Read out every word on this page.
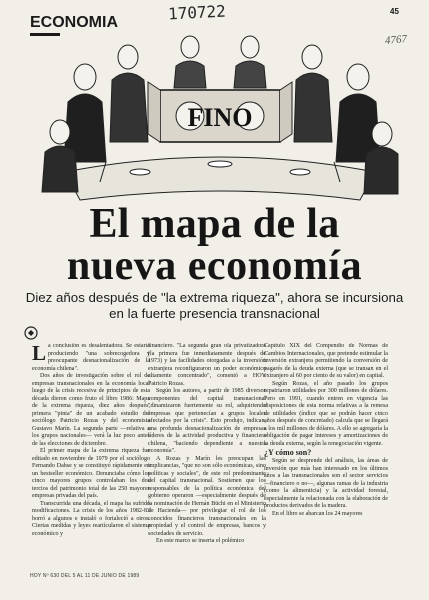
ECONOMIA	170722	45
4767
FINO
El mapa de la
nueva economía
Diez años después de "la extrema riqueza", ahora se incursiona en la fuerte presencia transnacional

La conclusión es desalentadora. Se estaría produciendo "una sobrecogedora y preocupante desnacionalización de la economía chilena".

Dos años de investigación sobre el rol de empresas transnacionales en la economía local luego de la crisis recesiva de principios de esta década dieron como fruto el libro 1986: Mapa de la extrema riqueza, diez años después, primera "pinta" de un acabado estudio del sociólogo Patricio Rozas y del economista Gustavo Marín. La segunda parte —relativa a los grupos nacionales— verá la luz poco antes de las elecciones de diciembre.

El primer mapa de la extrema riqueza fue editado en noviembre de 1979 por el sociólogo Fernando Dahse y se constituyó rápidamente en un bestseller económico. Denunciaba cómo los cinco mayores grupos controlaban los dos tercios del patrimonio total de las 250 mayores empresas privadas del país.

Transcurrida una década, el mapa ha sufrido modificaciones. La crisis de los años 1982-83 borró a algunos e instaló o fortaleció a otros. Ciertas medidas y leyes reartícularon el sistema económico y

financiero. "La segunda gran ola privatizadora (la primera fue inmediatamente después de 1973) y las facilidades otorgadas a la inversión extranjera reconfiguraron un poder económico altamente concentrado", comentó a HOY Patricio Rozas.

Según los autores, a partir de 1985 diversos componentes del capital transnacional "dinamizaron fuertemente su rol, adquiriendo empresas que pertenecían a grupos locales afectados por la crisis". Esto produjo, indican, una profunda desnacionalización de empresas líderes de la actividad productiva y financiera chilena, "haciendo dependiente a nuestra economía".

A Rozas y Marín les preocupan las implicancias, "que no son sólo económicas, sino políticas y sociales", de este rol predominante del capital transnacional. Sostienen que los responsables de la política económica del gobierno operaron —especialmente después de la nominación de Hernán Büchi en el Ministerio de Hacienda— por privilegiar el rol de los conocidos financieros transnacionales en la propiedad y el control de empresas, bancos y sociedades de servicio.

En este marco se inserta el polémico

Capítulo XIX del Compendio de Normas de Cambios Internacionales, que pretende estimular la inversión extranjera permitiendo la conversión de pagarés de la deuda externa (que se transan en el extranjero al 60 por ciento de su valor) en capital.

Según Rozas, el año pasado los grupos repatriaron utilidades por 300 millones de dólares. Pero en 1991, cuando entren en vigencia las disposiciones de esta norma relativas a la remesa de utilidades (índice que se podrán hacer cinco años después de concretado) calcula que se llegará a los mil millones de dólares. A ello se agregaría la obligación de pagar intereses y amortizaciones de la deuda externa, según la renegociación vigente.

¿Y cómo son?

Según se desprende del análisis, las áreas de inversión que más han interesado en los últimos años a las transnacionales son el sector servicios —financiero o no—, algunas ramas de la industria (como la alimenticia) y la actividad forestal, especialmente la relacionada con la elaboración de productos derivados de la madera.

En el libro se abarcan los 24 mayores

HOY Nº 630 DEL 5 AL 11 DE JUNIO DE 1989
